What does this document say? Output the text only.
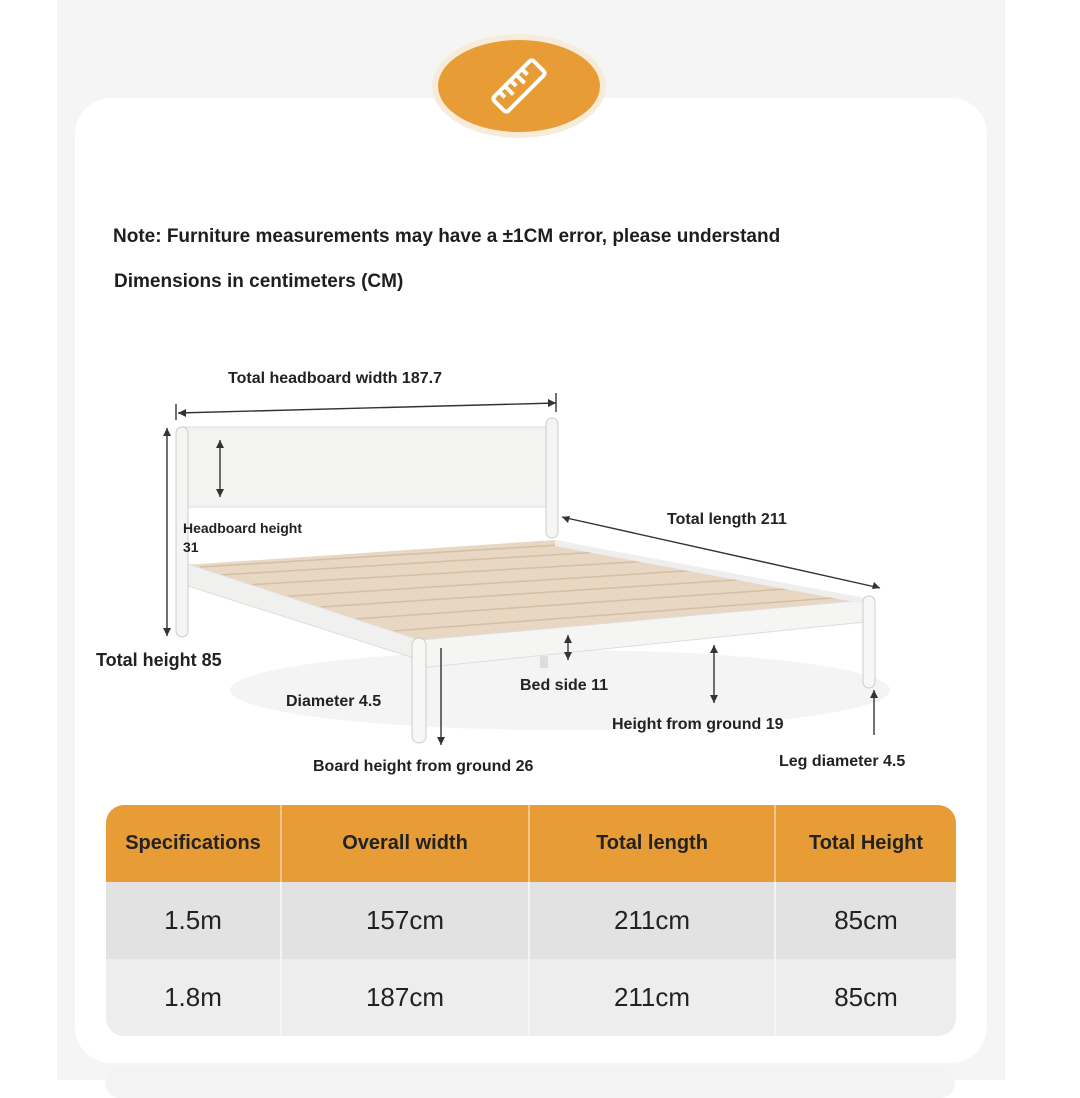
Note: Furniture measurements may have a ±1CM error, please understand
Dimensions in centimeters (CM)
Total headboard width 187.7
Headboard height
31
Total length 211
Total height 85
Diameter 4.5
Bed side 11
Height from ground 19
Board height from ground 26	Leg diameter 4.5
Specifications	Overall width	Total length	Total Height
1.5m	157cm	211cm	85cm
1.8m	187cm	211cm	85cm
